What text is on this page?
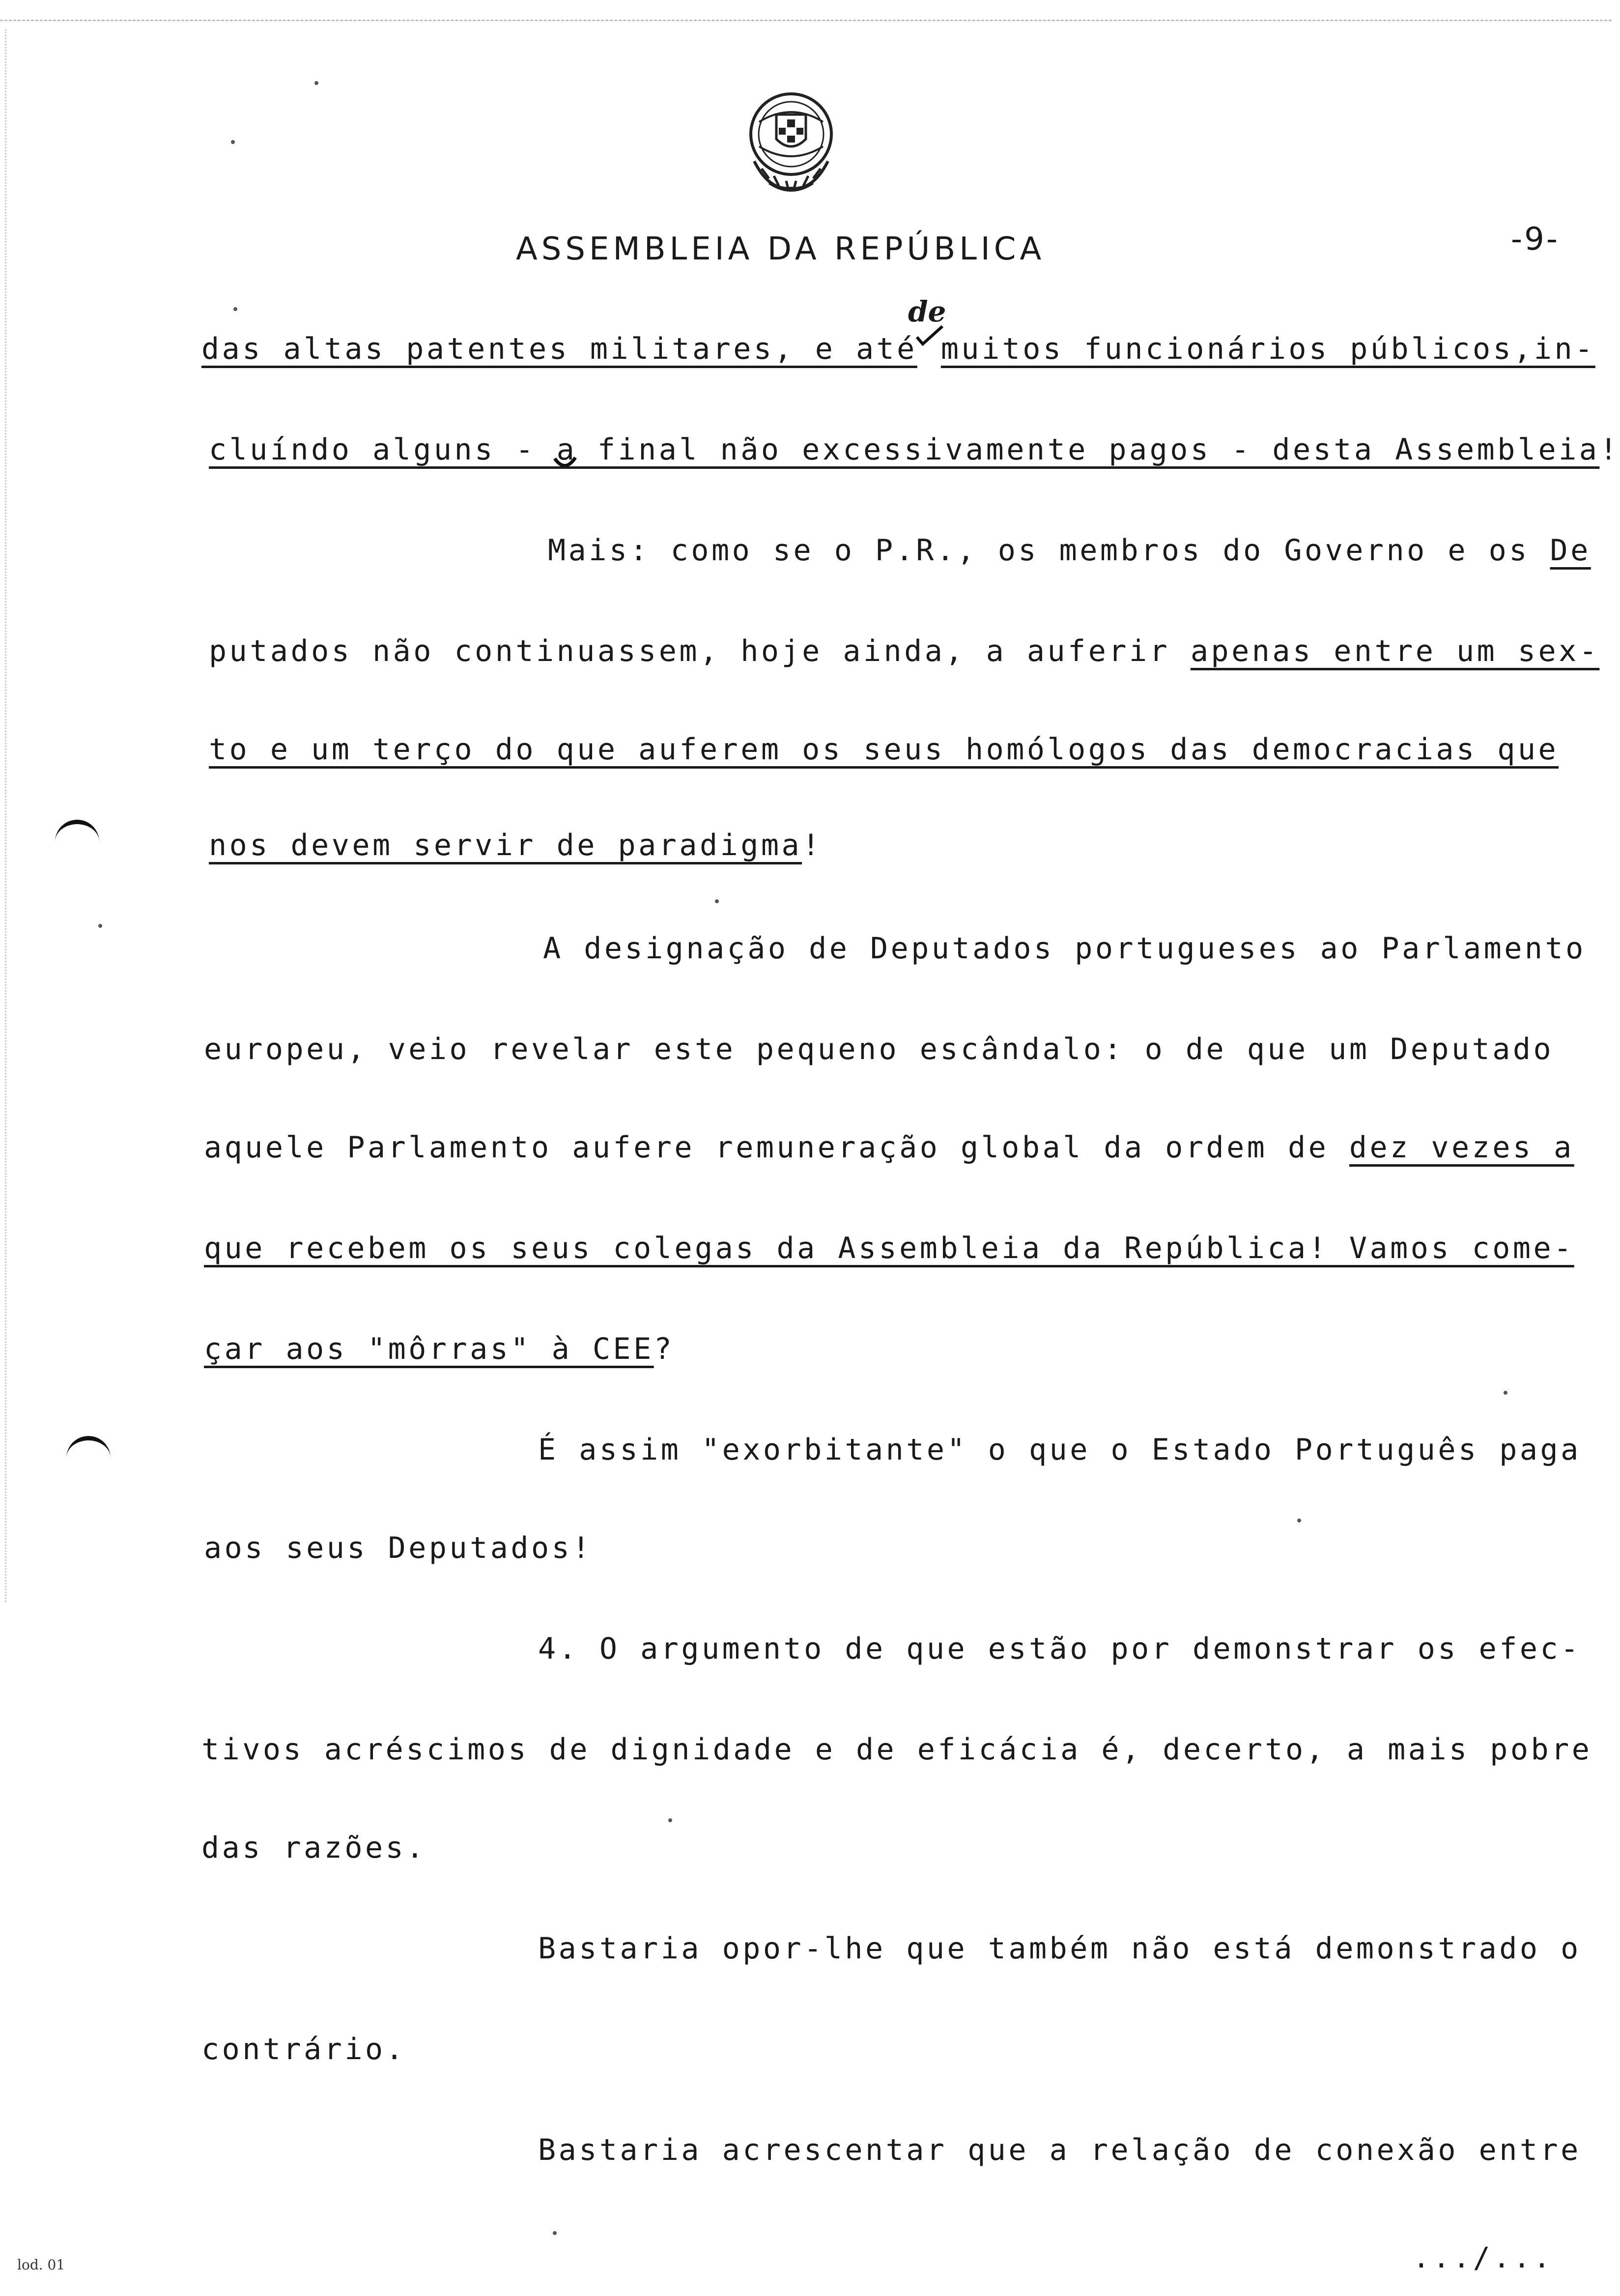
ASSEMBLEIA DA REPÚBLICA	-9-
de
das altas patentes militares, e até muitos funcionários públicos,in-
cluíndo alguns - a final não excessivamente pagos - desta Assembleia!
Mais: como se o P.R., os membros do Governo e os De
putados não continuassem, hoje ainda, a auferir apenas entre um sex-
to e um terço do que auferem os seus homólogos das democracias que
nos devem servir de paradigma!
A designação de Deputados portugueses ao Parlamento
europeu, veio revelar este pequeno escândalo: o de que um Deputado
aquele Parlamento aufere remuneração global da ordem de dez vezes a
que recebem os seus colegas da Assembleia da República! Vamos come-
çar aos "môrras" à CEE?
É assim "exorbitante" o que o Estado Português paga
aos seus Deputados!
4. O argumento de que estão por demonstrar os efec-
tivos acréscimos de dignidade e de eficácia é, decerto, a mais pobre
das razões.
Bastaria opor-lhe que também não está demonstrado o
contrário.
Bastaria acrescentar que a relação de conexão entre
lod. 01	.../...
